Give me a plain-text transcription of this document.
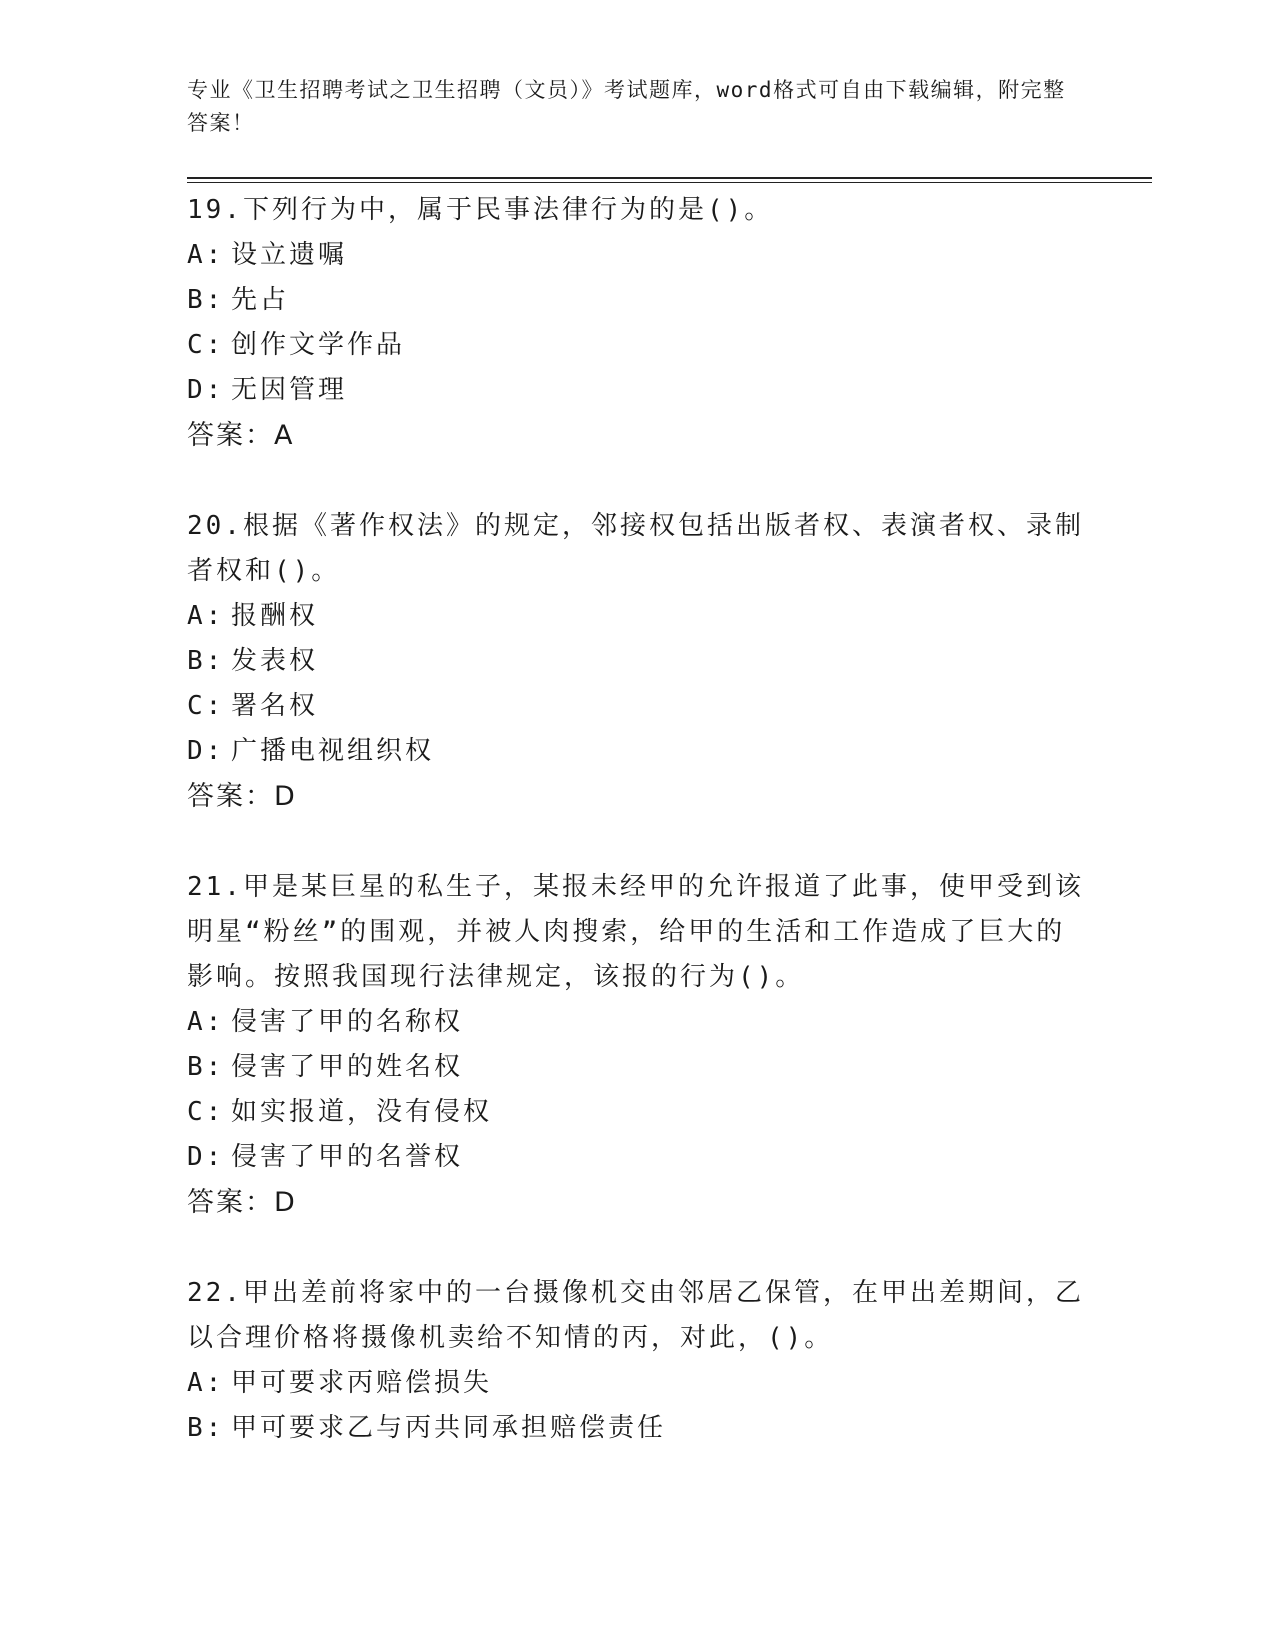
专业《卫生招聘考试之卫生招聘（文员）》考试题库，word格式可自由下载编辑，附完整答案！

19.下列行为中，属于民事法律行为的是()。

A: 设立遗嘱

B: 先占

C: 创作文学作品

D: 无因管理

答案：A

20.根据《著作权法》的规定，邻接权包括出版者权、表演者权、录制者权和()。

A: 报酬权

B: 发表权

C: 署名权

D: 广播电视组织权

答案：D

21.甲是某巨星的私生子，某报未经甲的允许报道了此事，使甲受到该明星“粉丝”的围观，并被人肉搜索，给甲的生活和工作造成了巨大的影响。按照我国现行法律规定，该报的行为()。

A: 侵害了甲的名称权

B: 侵害了甲的姓名权

C: 如实报道，没有侵权

D: 侵害了甲的名誉权

答案：D

22.甲出差前将家中的一台摄像机交由邻居乙保管，在甲出差期间，乙以合理价格将摄像机卖给不知情的丙，对此，()。

A: 甲可要求丙赔偿损失

B: 甲可要求乙与丙共同承担赔偿责任
